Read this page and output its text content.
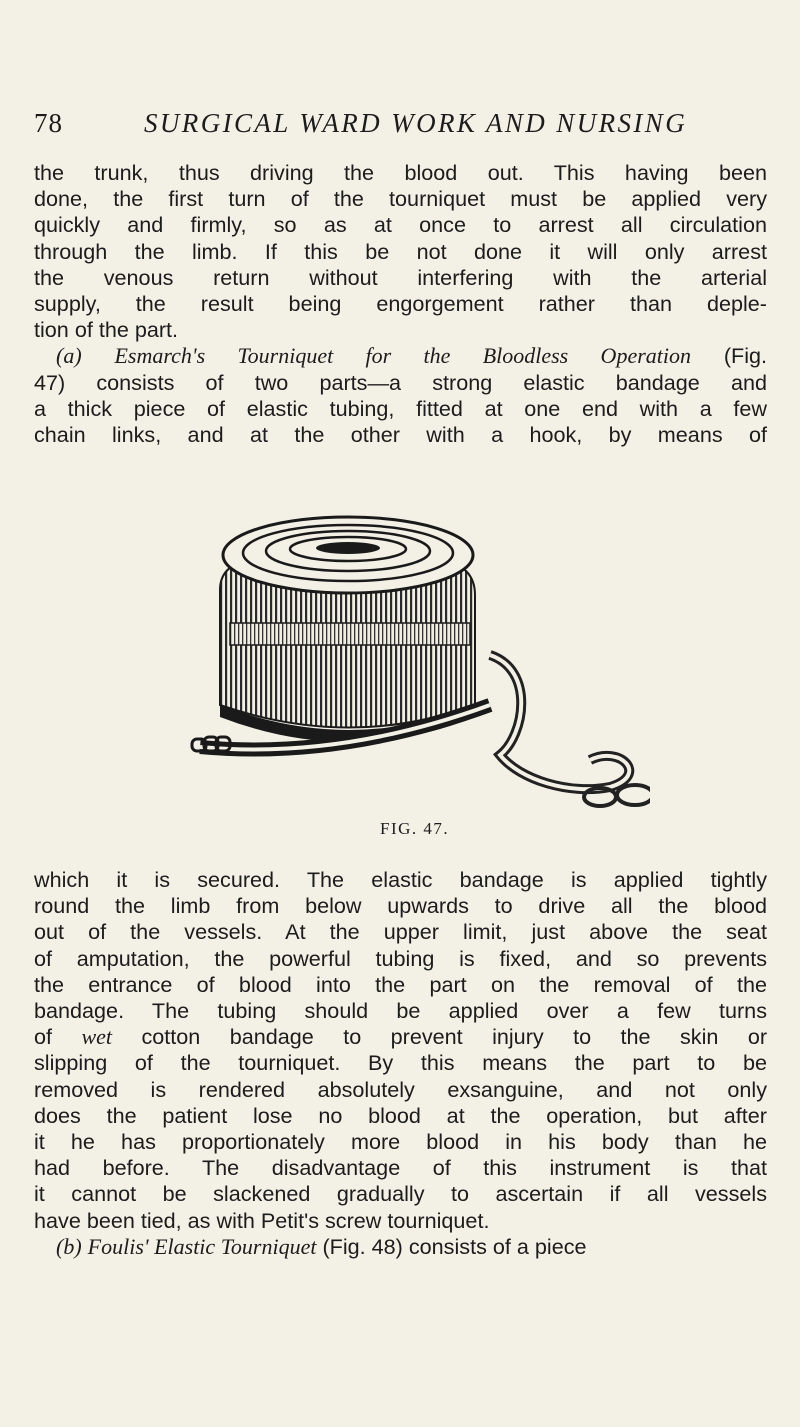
78	SURGICAL WARD WORK AND NURSING
the trunk, thus driving the blood out. This having been
done, the first turn of the tourniquet must be applied very
quickly and firmly, so as at once to arrest all circulation
through the limb. If this be not done it will only arrest
the venous return without interfering with the arterial
supply, the result being engorgement rather than deple-
tion of the part.
(a) Esmarch's Tourniquet for the Bloodless Operation (Fig.
47) consists of two parts—a strong elastic bandage and
a thick piece of elastic tubing, fitted at one end with a few
chain links, and at the other with a hook, by means of
FIG. 47.
which it is secured. The elastic bandage is applied tightly
round the limb from below upwards to drive all the blood
out of the vessels. At the upper limit, just above the seat
of amputation, the powerful tubing is fixed, and so prevents
the entrance of blood into the part on the removal of the
bandage. The tubing should be applied over a few turns
of wet cotton bandage to prevent injury to the skin or
slipping of the tourniquet. By this means the part to be
removed is rendered absolutely exsanguine, and not only
does the patient lose no blood at the operation, but after
it he has proportionately more blood in his body than he
had before. The disadvantage of this instrument is that
it cannot be slackened gradually to ascertain if all vessels
have been tied, as with Petit's screw tourniquet.
(b) Foulis' Elastic Tourniquet (Fig. 48) consists of a piece
